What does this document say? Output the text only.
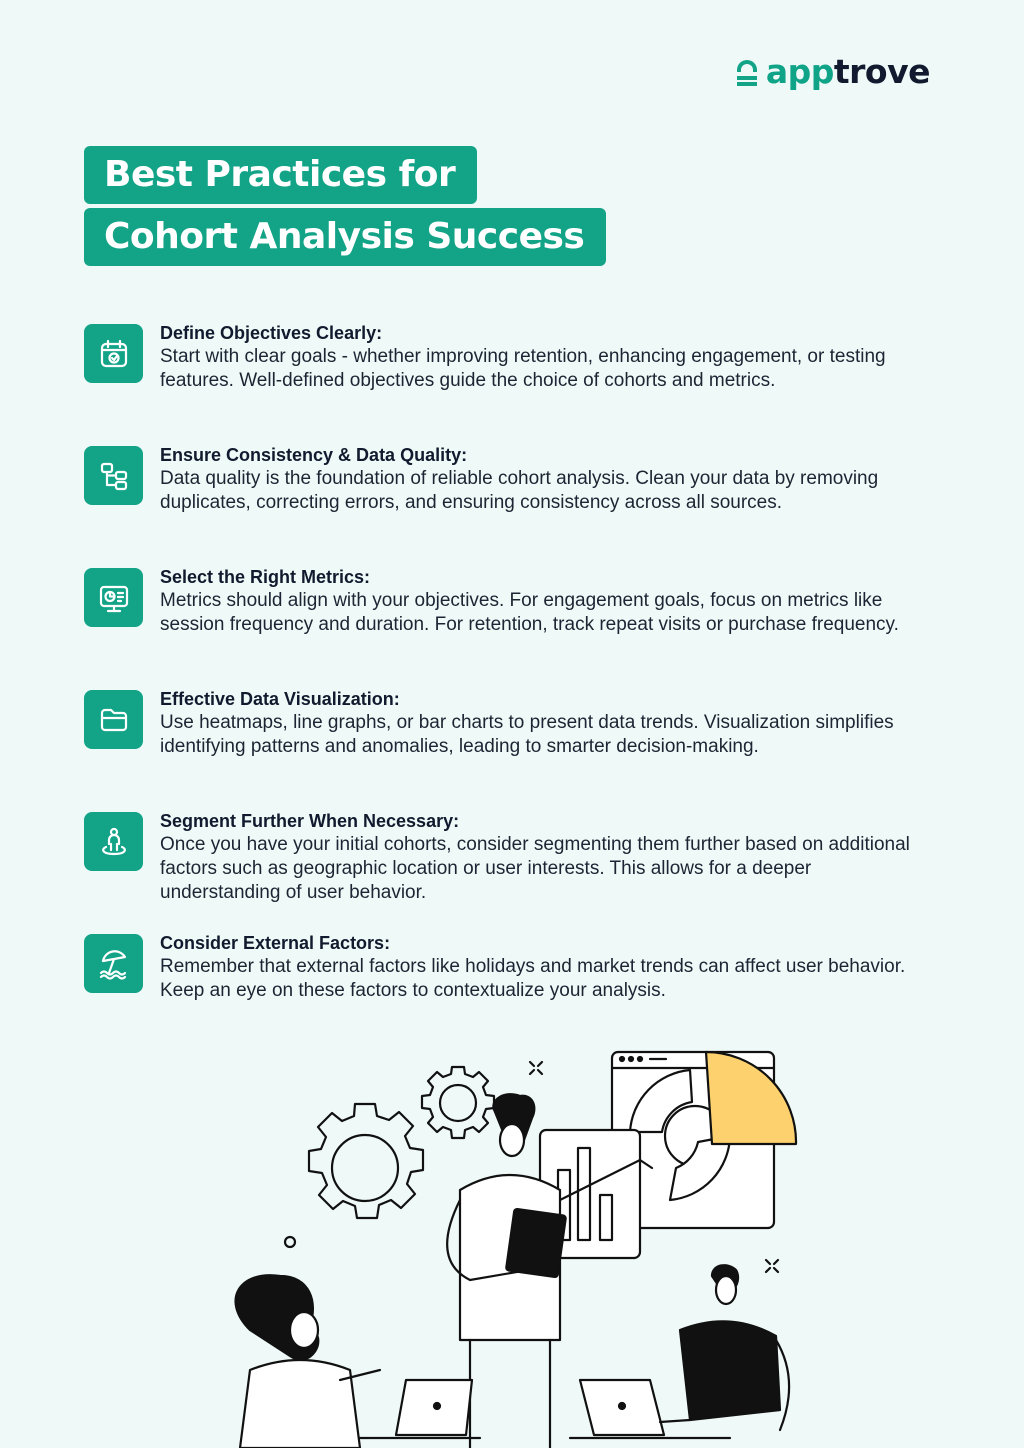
apptrove
Best Practices for
Cohort Analysis Success
Define Objectives Clearly:
Start with clear goals - whether improving retention, enhancing engagement, or testing features. Well-defined objectives guide the choice of cohorts and metrics.
Ensure Consistency & Data Quality:
Data quality is the foundation of reliable cohort analysis. Clean your data by removing duplicates, correcting errors, and ensuring consistency across all sources.
Select the Right Metrics:
Metrics should align with your objectives. For engagement goals, focus on metrics like session frequency and duration. For retention, track repeat visits or purchase frequency.
Effective Data Visualization:
Use heatmaps, line graphs, or bar charts to present data trends. Visualization simplifies identifying patterns and anomalies, leading to smarter decision-making.
Segment Further When Necessary:
Once you have your initial cohorts, consider segmenting them further based on additional factors such as geographic location or user interests. This allows for a deeper understanding of user behavior.
Consider External Factors:
Remember that external factors like holidays and market trends can affect user behavior. Keep an eye on these factors to contextualize your analysis.
